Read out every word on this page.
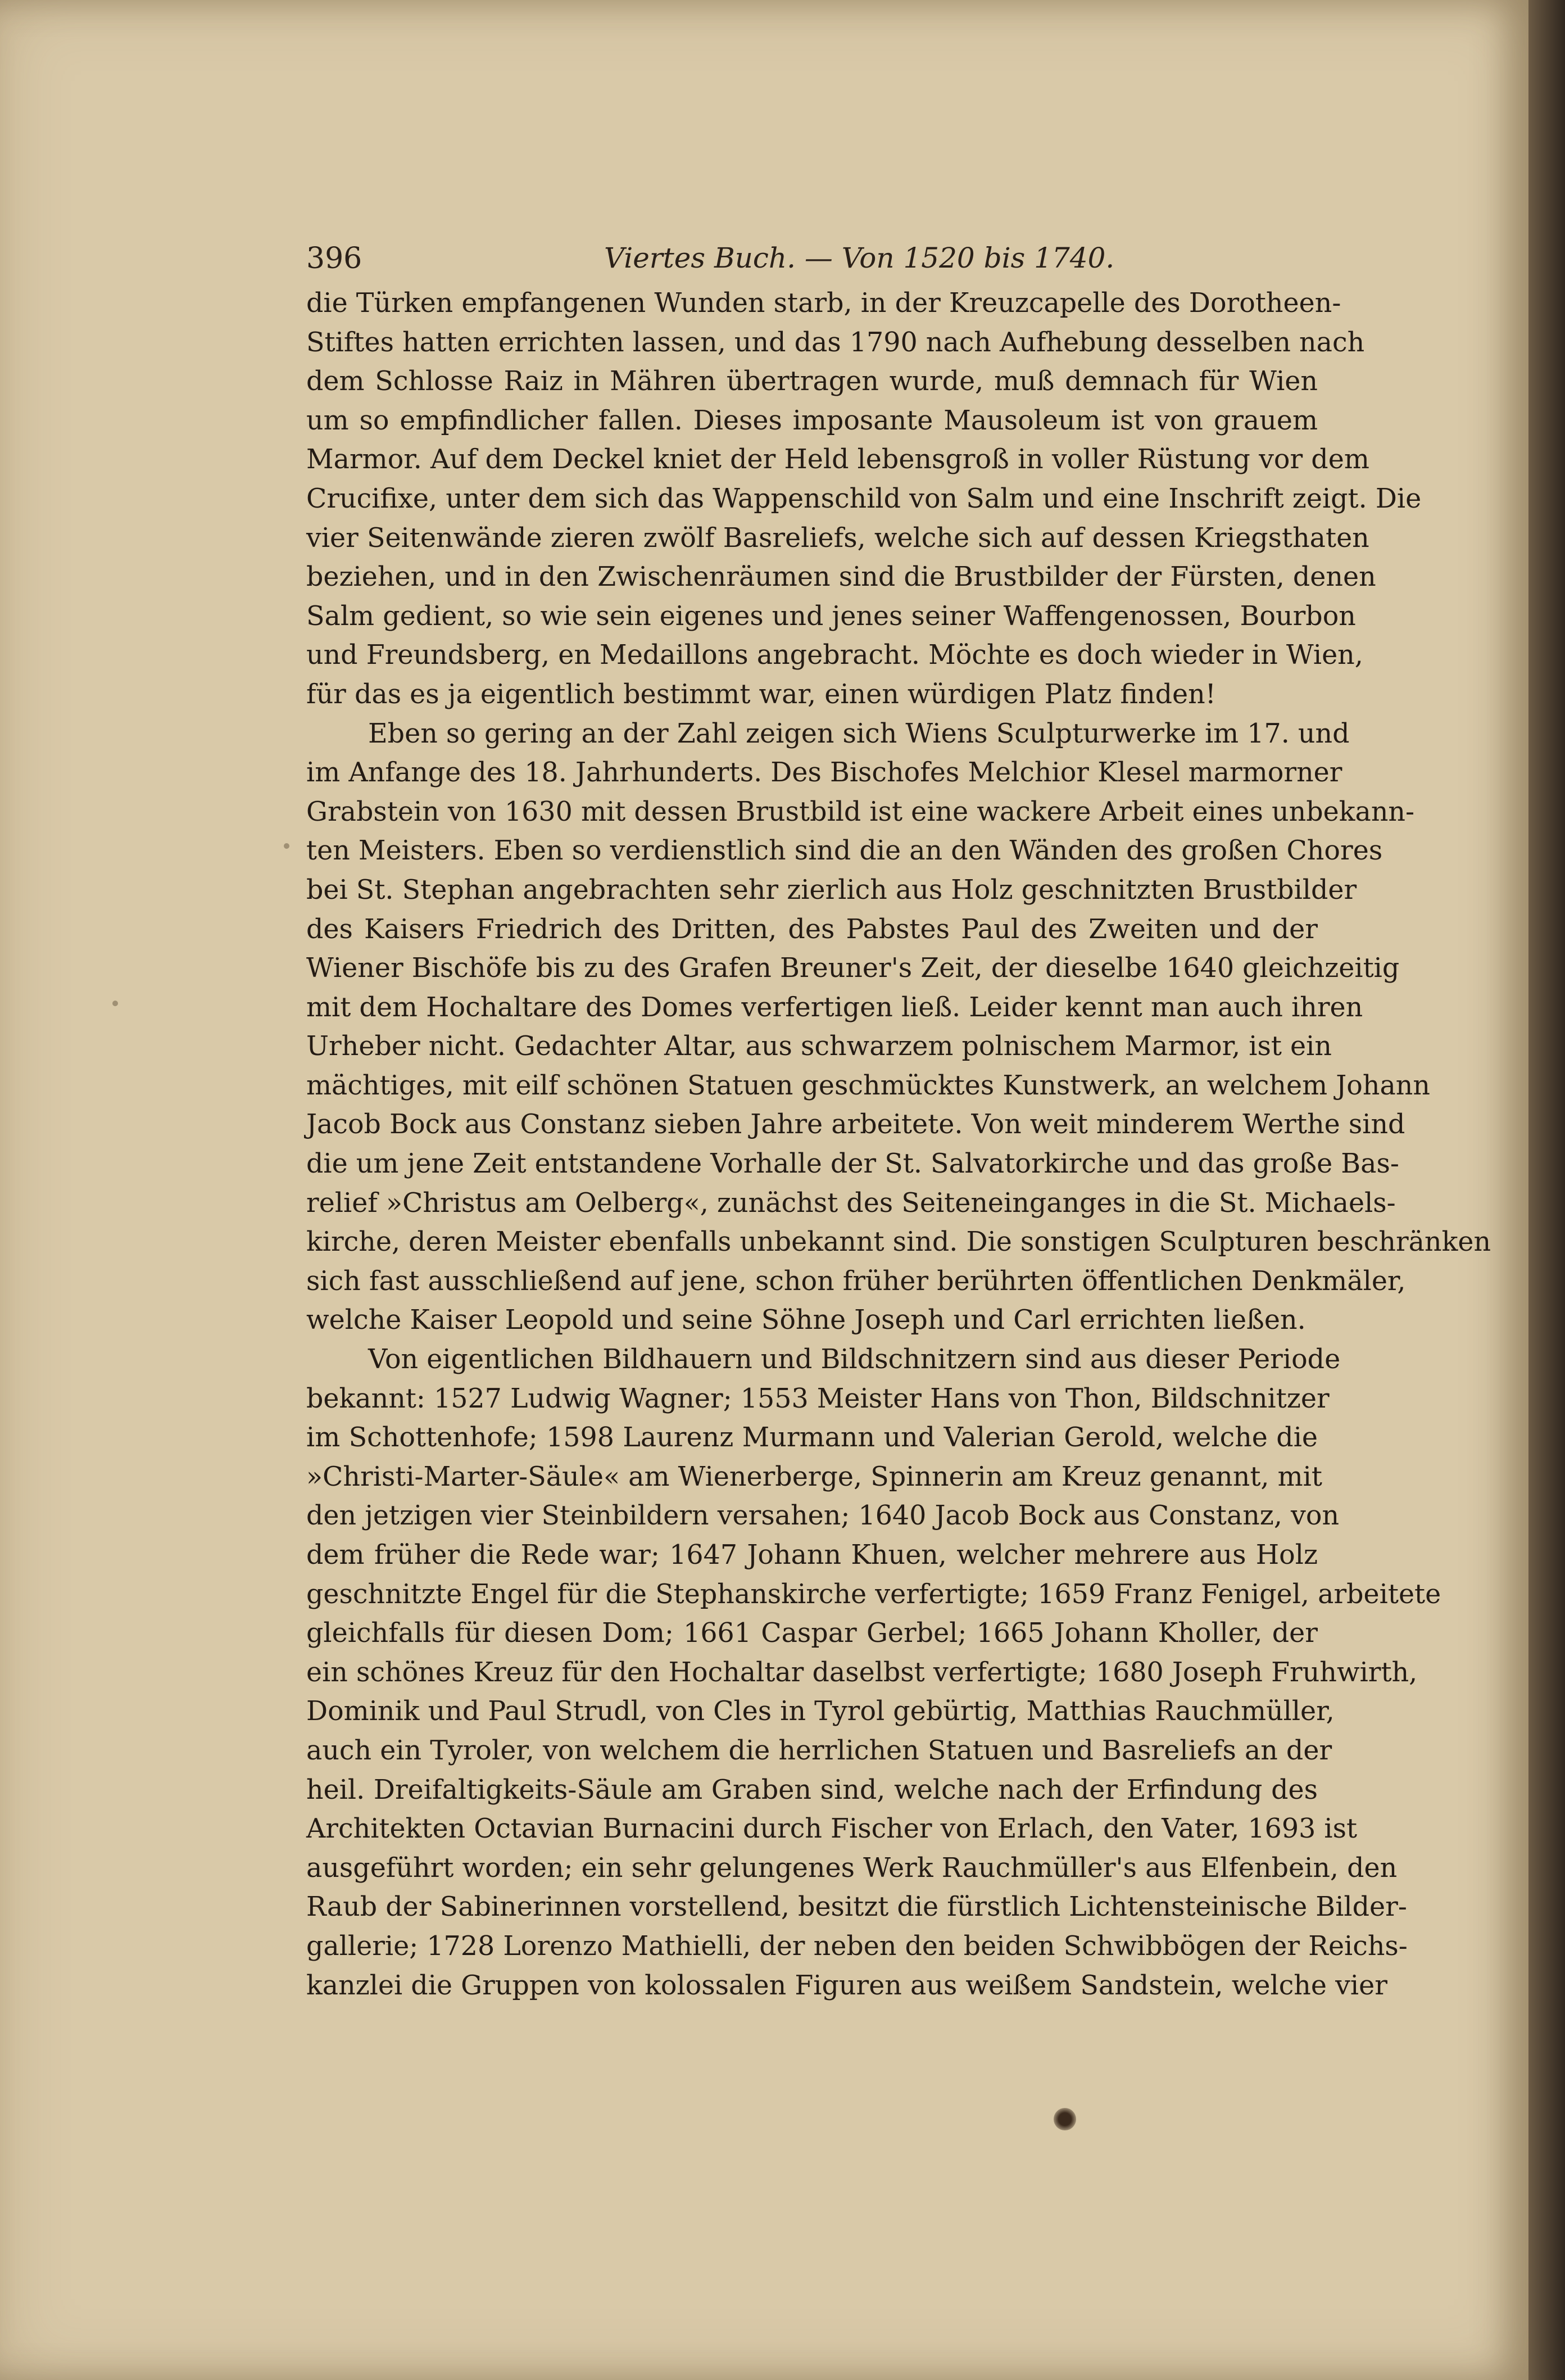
396	Viertes Buch. — Von 1520 bis 1740.
die Türken empfangenen Wunden starb, in der Kreuzcapelle des Dorotheen-
Stiftes hatten errichten lassen, und das 1790 nach Aufhebung desselben nach
dem Schlosse Raiz in Mähren übertragen wurde, muß demnach für Wien
um so empfindlicher fallen. Dieses imposante Mausoleum ist von grauem
Marmor. Auf dem Deckel kniet der Held lebensgroß in voller Rüstung vor dem
Crucifixe, unter dem sich das Wappenschild von Salm und eine Inschrift zeigt. Die
vier Seitenwände zieren zwölf Basreliefs, welche sich auf dessen Kriegsthaten
beziehen, und in den Zwischenräumen sind die Brustbilder der Fürsten, denen
Salm gedient, so wie sein eigenes und jenes seiner Waffengenossen, Bourbon
und Freundsberg, en Medaillons angebracht. Möchte es doch wieder in Wien,
für das es ja eigentlich bestimmt war, einen würdigen Platz finden!
Eben so gering an der Zahl zeigen sich Wiens Sculpturwerke im 17. und
im Anfange des 18. Jahrhunderts. Des Bischofes Melchior Klesel marmorner
Grabstein von 1630 mit dessen Brustbild ist eine wackere Arbeit eines unbekann-
ten Meisters. Eben so verdienstlich sind die an den Wänden des großen Chores
bei St. Stephan angebrachten sehr zierlich aus Holz geschnitzten Brustbilder
des Kaisers Friedrich des Dritten, des Pabstes Paul des Zweiten und der
Wiener Bischöfe bis zu des Grafen Breuner's Zeit, der dieselbe 1640 gleichzeitig
mit dem Hochaltare des Domes verfertigen ließ. Leider kennt man auch ihren
Urheber nicht. Gedachter Altar, aus schwarzem polnischem Marmor, ist ein
mächtiges, mit eilf schönen Statuen geschmücktes Kunstwerk, an welchem Johann
Jacob Bock aus Constanz sieben Jahre arbeitete. Von weit minderem Werthe sind
die um jene Zeit entstandene Vorhalle der St. Salvatorkirche und das große Bas-
relief »Christus am Oelberg«, zunächst des Seiteneinganges in die St. Michaels-
kirche, deren Meister ebenfalls unbekannt sind. Die sonstigen Sculpturen beschränken
sich fast ausschließend auf jene, schon früher berührten öffentlichen Denkmäler,
welche Kaiser Leopold und seine Söhne Joseph und Carl errichten ließen.
Von eigentlichen Bildhauern und Bildschnitzern sind aus dieser Periode
bekannt: 1527 Ludwig Wagner; 1553 Meister Hans von Thon, Bildschnitzer
im Schottenhofe; 1598 Laurenz Murmann und Valerian Gerold, welche die
»Christi-Marter-Säule« am Wienerberge, Spinnerin am Kreuz genannt, mit
den jetzigen vier Steinbildern versahen; 1640 Jacob Bock aus Constanz, von
dem früher die Rede war; 1647 Johann Khuen, welcher mehrere aus Holz
geschnitzte Engel für die Stephanskirche verfertigte; 1659 Franz Fenigel, arbeitete
gleichfalls für diesen Dom; 1661 Caspar Gerbel; 1665 Johann Kholler, der
ein schönes Kreuz für den Hochaltar daselbst verfertigte; 1680 Joseph Fruhwirth,
Dominik und Paul Strudl, von Cles in Tyrol gebürtig, Matthias Rauchmüller,
auch ein Tyroler, von welchem die herrlichen Statuen und Basreliefs an der
heil. Dreifaltigkeits-Säule am Graben sind, welche nach der Erfindung des
Architekten Octavian Burnacini durch Fischer von Erlach, den Vater, 1693 ist
ausgeführt worden; ein sehr gelungenes Werk Rauchmüller's aus Elfenbein, den
Raub der Sabinerinnen vorstellend, besitzt die fürstlich Lichtensteinische Bilder-
gallerie; 1728 Lorenzo Mathielli, der neben den beiden Schwibbögen der Reichs-
kanzlei die Gruppen von kolossalen Figuren aus weißem Sandstein, welche vier
